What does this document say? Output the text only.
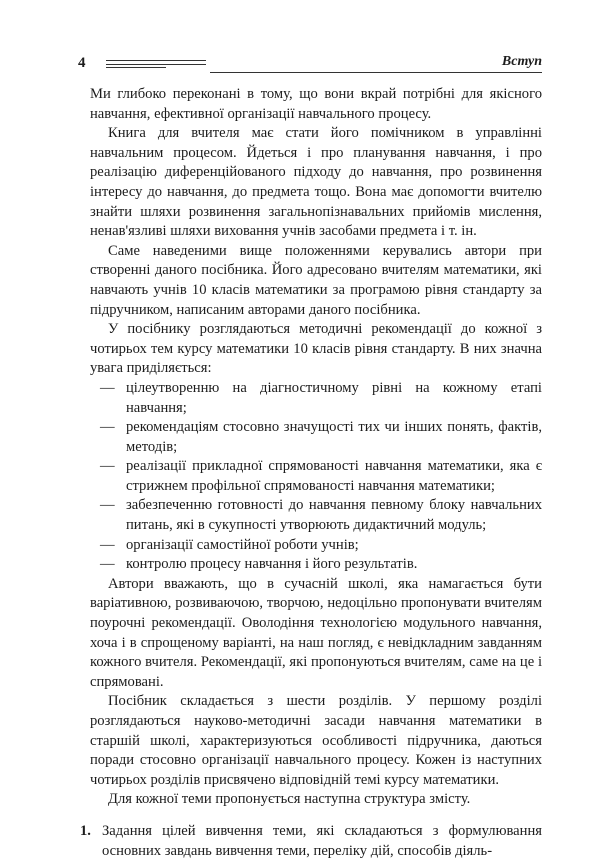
4	Вступ

Ми глибоко переконані в тому, що вони вкрай потрібні для якісного навчання, ефективної організації навчального процесу.

Книга для вчителя має стати його помічником в управлінні навчальним процесом. Йдеться і про планування навчання, і про реалізацію диференційованого підходу до навчання, про розвинення інтересу до навчання, до предмета тощо. Вона має допомогти вчителю знайти шляхи розвинення загальнопізнавальних прийомів мислення, ненав'язливі шляхи виховання учнів засобами предмета і т. ін.

Саме наведеними вище положеннями керувались автори при створенні даного посібника. Його адресовано вчителям математики, які навчають учнів 10 класів математики за програмою рівня стандарту за підручником, написаним авторами даного посібника.

У посібнику розглядаються методичні рекомендації до кожної з чотирьох тем курсу математики 10 класів рівня стандарту. В них значна увага приділяється:

— цілеутворенню на діагностичному рівні на кожному етапі навчання;
— рекомендаціям стосовно значущості тих чи інших понять, фактів, методів;
— реалізації прикладної спрямованості навчання математики, яка є стрижнем профільної спрямованості навчання математики;
— забезпеченню готовності до навчання певному блоку навчальних питань, які в сукупності утворюють дидактичний модуль;
— організації самостійної роботи учнів;
— контролю процесу навчання і його результатів.

Автори вважають, що в сучасній школі, яка намагається бути варіативною, розвиваючою, творчою, недоцільно пропонувати вчителям поурочні рекомендації. Оволодіння технологією модульного навчання, хоча і в спрощеному варіанті, на наш погляд, є невідкладним завданням кожного вчителя. Рекомендації, які пропонуються вчителям, саме на це і спрямовані.

Посібник складається з шести розділів. У першому розділі розглядаються науково-методичні засади навчання математики в старшій школі, характеризуються особливості підручника, даються поради стосовно організації навчального процесу. Кожен із наступних чотирьох розділів присвячено відповідній темі курсу математики.

Для кожної теми пропонується наступна структура змісту.

1. Задання цілей вивчення теми, які складаються з формулювання основних завдань вивчення теми, переліку дій, способів діяль-
